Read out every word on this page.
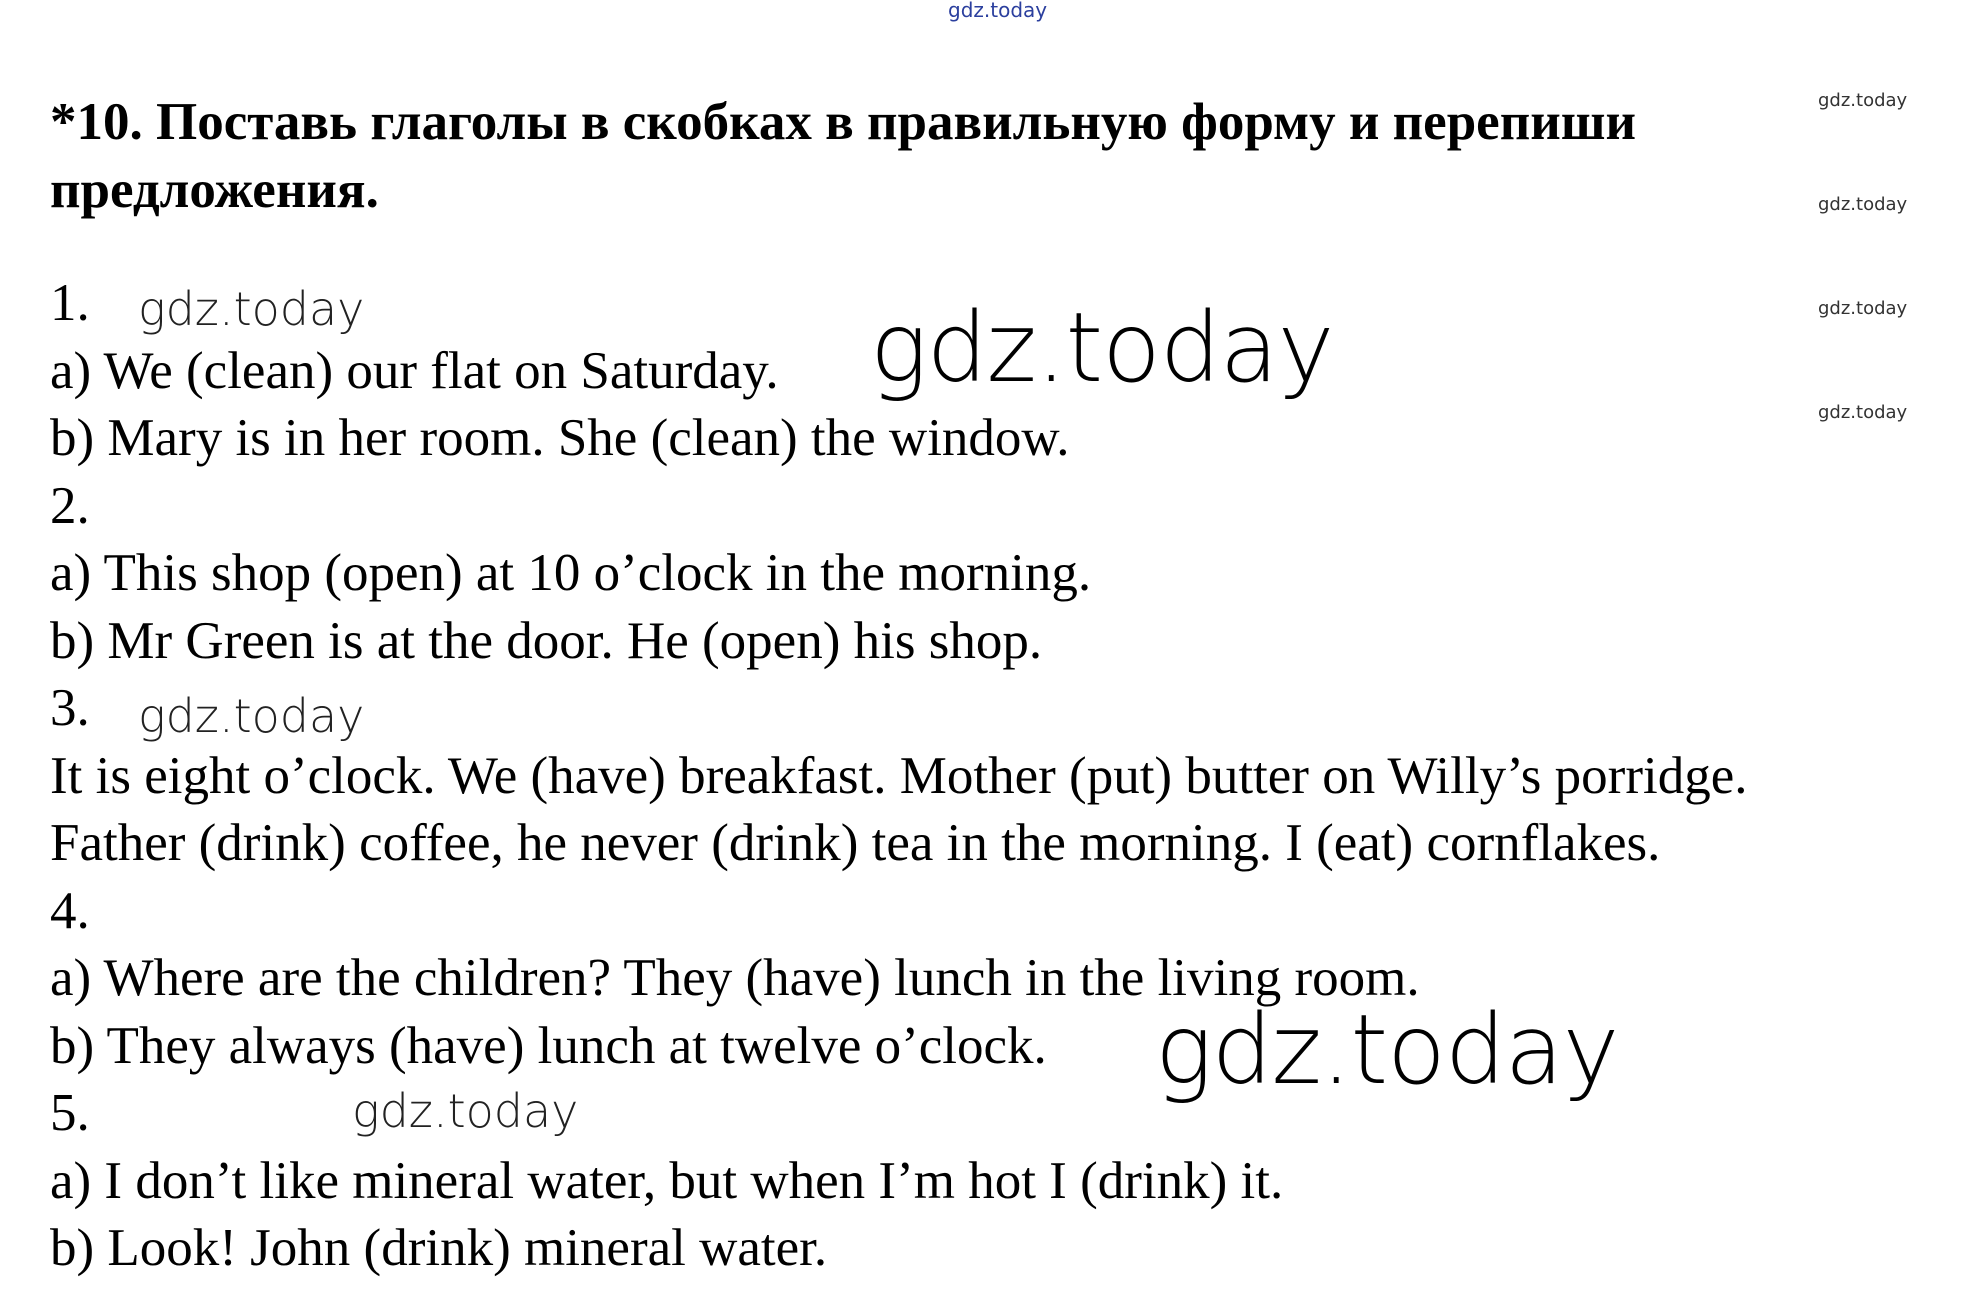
gdz.today
gdz.today
gdz.today
gdz.today
gdz.today
*10. Поставь глаголы в скобках в правильную форму и перепиши предложения.
1.
a) We (clean) our flat on Saturday.
b) Mary is in her room. She (clean) the window.
2.
a) This shop (open) at 10 o’clock in the morning.
b) Mr Green is at the door. He (open) his shop.
3.
It is eight o’clock. We (have) breakfast. Mother (put) butter on Willy’s porridge.
Father (drink) coffee, he never (drink) tea in the morning. I (eat) cornflakes.
4.
a) Where are the children? They (have) lunch in the living room.
b) They always (have) lunch at twelve o’clock.
5.
a) I don’t like mineral water, but when I’m hot I (drink) it.
b) Look! John (drink) mineral water.
gdz.today	gdz.today
gdz.today
gdz.today
gdz.today
